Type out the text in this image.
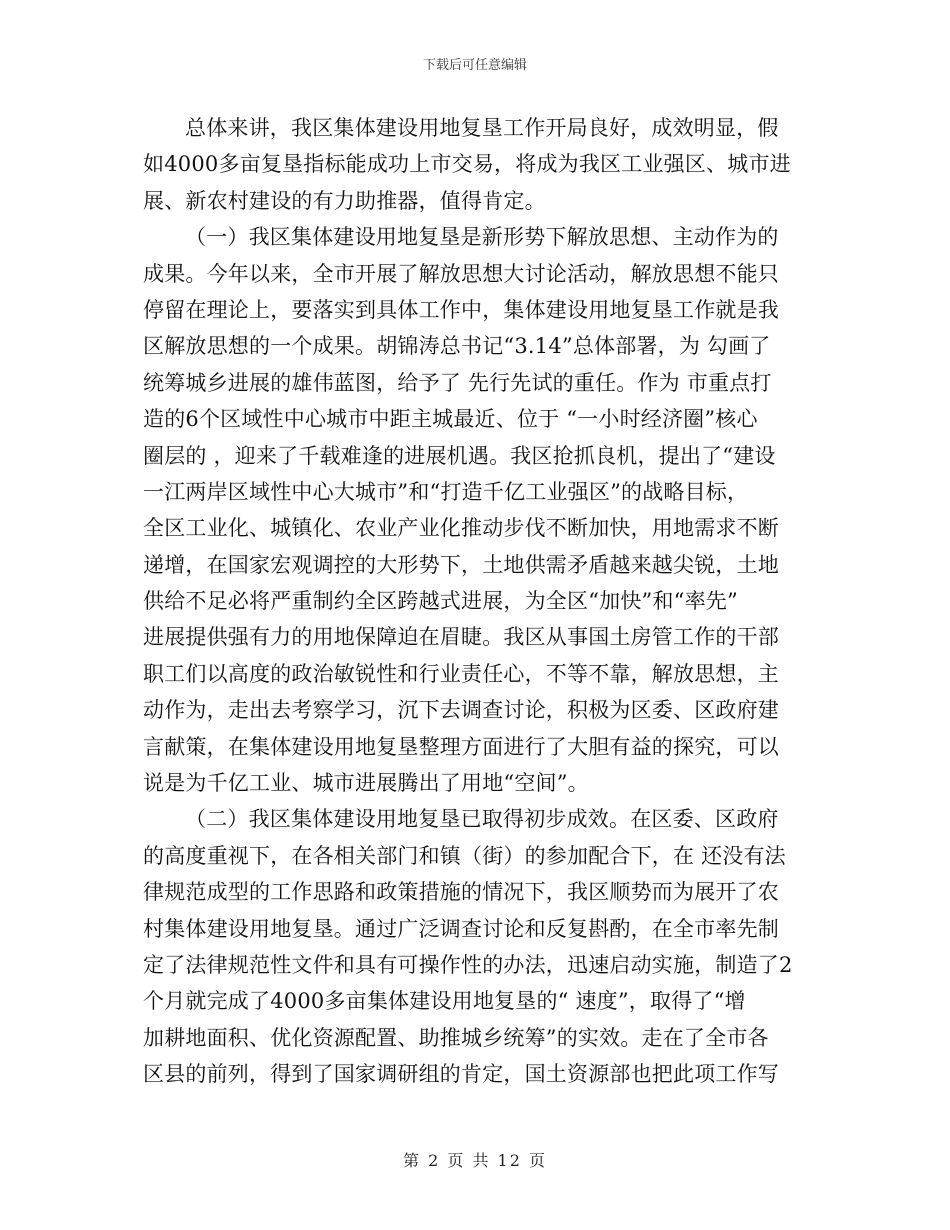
下载后可任意编辑
总体来讲，我区集体建设用地复垦工作开局良好，成效明显，假
如4000多亩复垦指标能成功上市交易，将成为我区工业强区、城市进
展、新农村建设的有力助推器，值得肯定。
（一）我区集体建设用地复垦是新形势下解放思想、主动作为的
成果。今年以来，全市开展了解放思想大讨论活动，解放思想不能只
停留在理论上，要落实到具体工作中，集体建设用地复垦工作就是我
区解放思想的一个成果。胡锦涛总书记“3.14”总体部署，为 勾画了
统筹城乡进展的雄伟蓝图，给予了 先行先试的重任。作为 市重点打
造的6个区域性中心城市中距主城最近、位于 “一小时经济圈”核心
圈层的 ，迎来了千载难逢的进展机遇。我区抢抓良机，提出了“建设
一江两岸区域性中心大城市”和“打造千亿工业强区”的战略目标，
全区工业化、城镇化、农业产业化推动步伐不断加快，用地需求不断
递增，在国家宏观调控的大形势下，土地供需矛盾越来越尖锐，土地
供给不足必将严重制约全区跨越式进展，为全区“加快”和“率先”
进展提供强有力的用地保障迫在眉睫。我区从事国土房管工作的干部
职工们以高度的政治敏锐性和行业责任心，不等不靠，解放思想，主
动作为，走出去考察学习，沉下去调查讨论，积极为区委、区政府建
言献策，在集体建设用地复垦整理方面进行了大胆有益的探究，可以
说是为千亿工业、城市进展腾出了用地“空间”。
（二）我区集体建设用地复垦已取得初步成效。在区委、区政府
的高度重视下，在各相关部门和镇（街）的参加配合下，在 还没有法
律规范成型的工作思路和政策措施的情况下，我区顺势而为展开了农
村集体建设用地复垦。通过广泛调查讨论和反复斟酌，在全市率先制
定了法律规范性文件和具有可操作性的办法，迅速启动实施，制造了2
个月就完成了4000多亩集体建设用地复垦的“ 速度”，取得了“增
加耕地面积、优化资源配置、助推城乡统筹”的实效。走在了全市各
区县的前列，得到了国家调研组的肯定，国土资源部也把此项工作写
第 2 页 共 12 页
